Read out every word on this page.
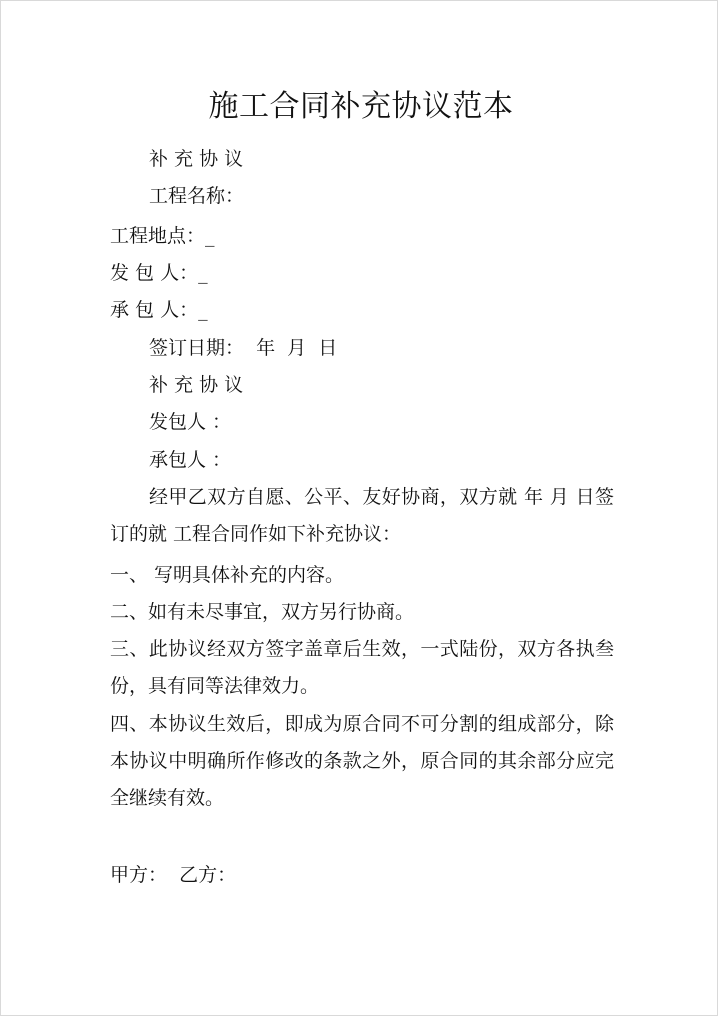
施工合同补充协议范本
补 充 协 议
工程名称：
工程地点：_
发 包 人：_
承 包 人：_
签订日期：  年  月  日
补 充 协 议
发包人 ：
承包人 ：
经甲乙双方自愿、公平、友好协商，双方就 年 月 日签订的就 工程合同作如下补充协议：
一、 写明具体补充的内容。
二、如有未尽事宜，双方另行协商。
三、此协议经双方签字盖章后生效，一式陆份，双方各执叁份，具有同等法律效力。
四、本协议生效后，即成为原合同不可分割的组成部分，除本协议中明确所作修改的条款之外，原合同的其余部分应完全继续有效。
甲方：  乙方：
